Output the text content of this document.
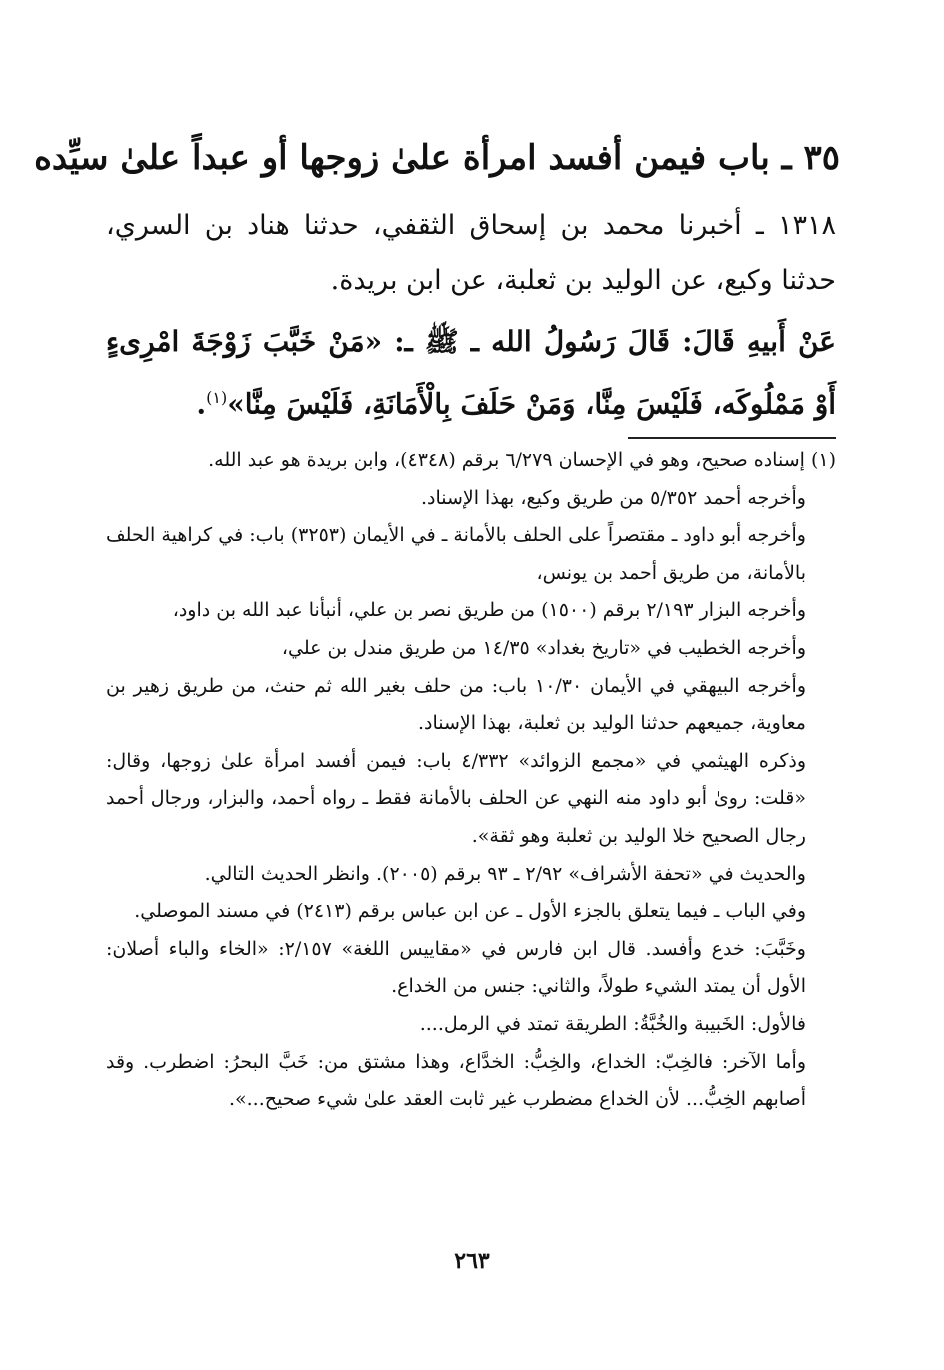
٣٥ ـ باب فيمن أفسد امرأة علىٰ زوجها أو عبداً علىٰ سيِّده

١٣١٨ ـ أخبرنا محمد بن إسحاق الثقفي، حدثنا هناد بن السري، حدثنا وكيع، عن الوليد بن ثعلبة، عن ابن بريدة.

عَنْ أَبيهِ قَالَ: قَالَ رَسُولُ الله ـ ﷺ ـ: «مَنْ خَبَّبَ زَوْجَةَ امْرِىءٍ أَوْ مَمْلُوكَه، فَلَيْسَ مِنَّا، وَمَنْ حَلَفَ بِالْأَمَانَةِ، فَلَيْسَ مِنَّا»$^{(١)}$.

(١) إسناده صحيح، وهو في الإحسان ٦/٢٧٩ برقم (٤٣٤٨)، وابن بريدة هو عبد الله.

وأخرجه أحمد ٥/٣٥٢ من طريق وكيع، بهذا الإسناد.

وأخرجه أبو داود ـ مقتصراً على الحلف بالأمانة ـ في الأيمان (٣٢٥٣) باب: في كراهية الحلف بالأمانة، من طريق أحمد بن يونس،

وأخرجه البزار ٢/١٩٣ برقم (١٥٠٠) من طريق نصر بن علي، أنبأنا عبد الله بن داود،

وأخرجه الخطيب في «تاريخ بغداد» ١٤/٣٥ من طريق مندل بن علي،

وأخرجه البيهقي في الأيمان ١٠/٣٠ باب: من حلف بغير الله ثم حنث، من طريق زهير بن معاوية، جميعهم حدثنا الوليد بن ثعلبة، بهذا الإسناد.

وذكره الهيثمي في «مجمع الزوائد» ٤/٣٣٢ باب: فيمن أفسد امرأة علىٰ زوجها، وقال: «قلت: رویٰ أبو داود منه النهي عن الحلف بالأمانة فقط ـ رواه أحمد، والبزار، ورجال أحمد رجال الصحيح خلا الوليد بن ثعلبة وهو ثقة».

والحديث في «تحفة الأشراف» ٢/٩٢ ـ ٩٣ برقم (٢٠٠٥). وانظر الحديث التالي.

وفي الباب ـ فيما يتعلق بالجزء الأول ـ عن ابن عباس برقم (٢٤١٣) في مسند الموصلي.

وخَبَّبَ: خدع وأفسد. قال ابن فارس في «مقاييس اللغة» ٢/١٥٧: «الخاء والباء أصلان: الأول أن يمتد الشيء طولاً، والثاني: جنس من الخداع.

فالأول: الخَبيبة والخُبَّةُ: الطريقة تمتد في الرمل....

وأما الآخر: فالخِبّ: الخداع، والخِبُّ: الخدَّاع، وهذا مشتق من: خَبَّ البحرُ: اضطرب. وقد أصابهم الخِبُّ... لأن الخداع مضطرب غير ثابت العقد علىٰ شيء صحيح...».

٢٦٣
